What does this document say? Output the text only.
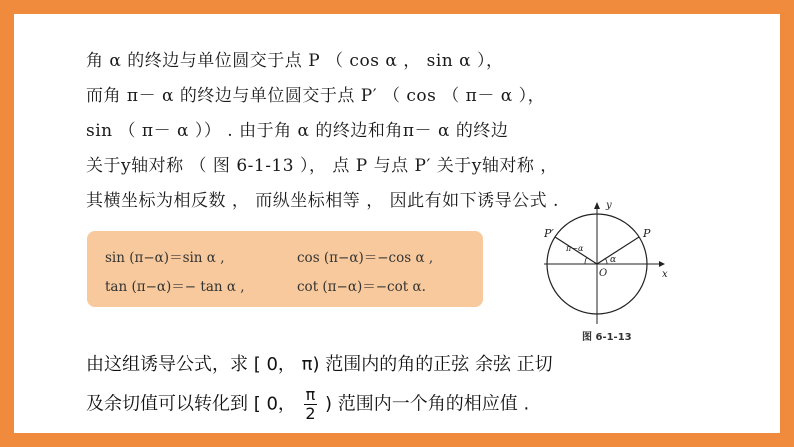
角 α 的终边与单位圆交于点 P （ cos α ， sin α ），
而角 π－ α 的终边与单位圆交于点 P′ （ cos （ π－ α ），
sin （ π－ α ）） . 由于角 α 的终边和角π－ α 的终边
关于y轴对称 （ 图 6-1-13 ）， 点 P 与点 P′ 关于y轴对称 ，
其横坐标为相反数 ， 而纵坐标相等 ， 因此有如下诱导公式 .
sin (π−α)＝sin α ,	cos (π−α)＝−cos α ,
tan (π−α)＝− tan α ,	cot (π−α)＝−cot α.
y
x
P
P′
O
α
π−α
图 6-1-13
由这组诱导公式，求 [ 0， π) 范围内的角的正弦 余弦 正切
及余切值可以转化到 [ 0， $\frac{\pi}{2}$ ) 范围内一个角的相应值 .
